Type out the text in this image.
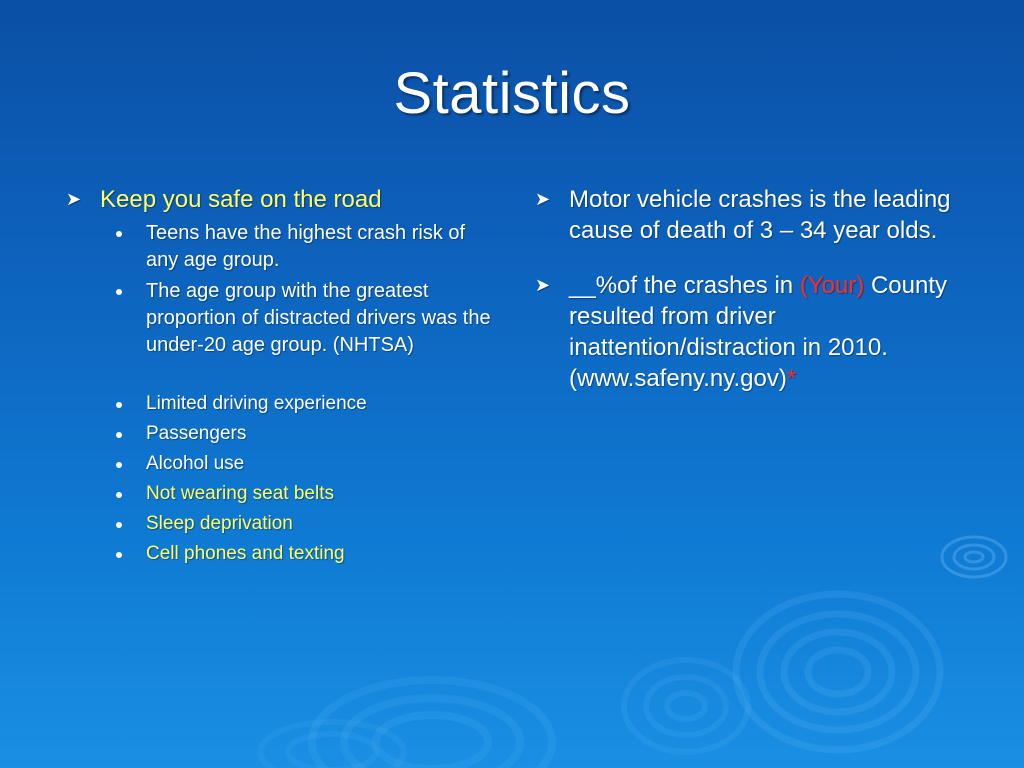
Statistics
➤ Keep you safe on the road
Teens have the highest crash risk of any age group.
The age group with the greatest proportion of distracted drivers was the under-20 age group. (NHTSA)
Limited driving experience
Passengers
Alcohol use
Not wearing seat belts
Sleep deprivation
Cell phones and texting
➤ Motor vehicle crashes is the leading cause of death of 3 – 34 year olds.
➤ __%of the crashes in (Your) County resulted from driver inattention/distraction in 2010. (www.safeny.ny.gov)*
